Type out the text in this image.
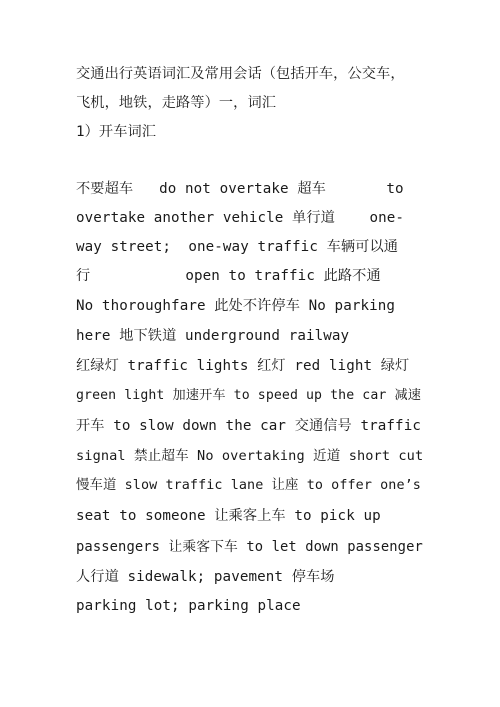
交通出行英语词汇及常用会话（包括开车，公交车，
飞机，地铁，走路等）一，词汇
1）开车词汇
不要超车   do not overtake 超车       to
overtake another vehicle 单行道    one-
way street;  one-way traffic 车辆可以通
行           open to traffic 此路不通
No thoroughfare 此处不许停车 No parking
here 地下铁道 underground railway
红绿灯 traffic lights 红灯 red light 绿灯
green light 加速开车 to speed up the car 减速
开车 to slow down the car 交通信号 traffic
signal 禁止超车 No overtaking 近道 short cut
慢车道 slow traffic lane 让座 to offer one’s
seat to someone 让乘客上车 to pick up
passengers 让乘客下车 to let down passenger
人行道 sidewalk; pavement 停车场
parking lot; parking place
